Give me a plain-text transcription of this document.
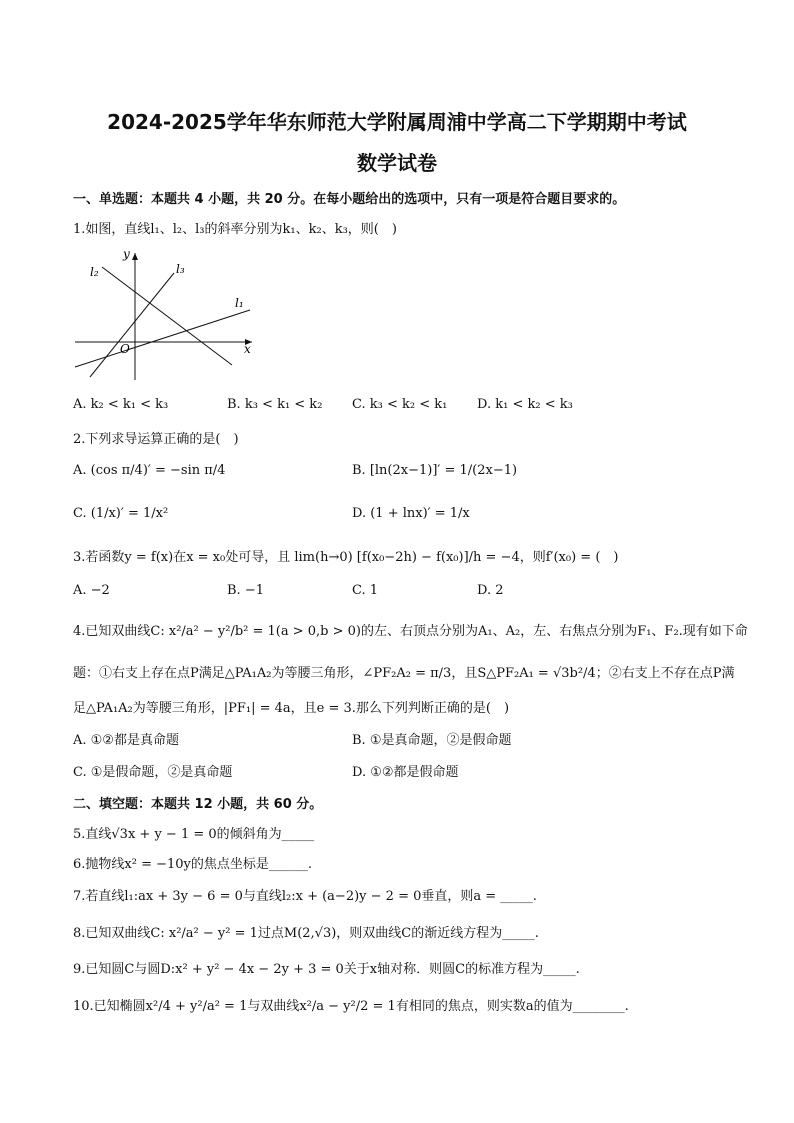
2024-2025学年华东师范大学附属周浦中学高二下学期期中考试
数学试卷
一、单选题：本题共 4 小题，共 20 分。在每小题给出的选项中，只有一项是符合题目要求的。
1.如图，直线l₁、l₂、l₃的斜率分别为k₁、k₂、k₃，则(　)
y
x
O
l₁
l₂	l₃
A. k₂ < k₁ < k₃	B. k₃ < k₁ < k₂ C. k₃ < k₂ < k₁ D. k₁ < k₂ < k₃
2.下列求导运算正确的是(　)
A. (cos π/4)′ = −sin π/4	B. [ln(2x−1)]′ = 1/(2x−1)
C. (1/x)′ = 1/x²	D. (1 + lnx)′ = 1/x
3.若函数y = f(x)在x = x₀处可导，且 lim(h→0) [f(x₀−2h) − f(x₀)]/h = −4，则f′(x₀) = (　)
A. −2	B. −1	C. 1	D. 2
4.已知双曲线C: x²/a² − y²/b² = 1(a > 0,b > 0)的左、右顶点分别为A₁、A₂，左、右焦点分别为F₁、F₂.现有如下命
题：①右支上存在点P满足△PA₁A₂为等腰三角形，∠PF₂A₂ = π/3，且S△PF₂A₁ = √3b²/4；②右支上不存在点P满
足△PA₁A₂为等腰三角形，|PF₁| = 4a，且e = 3.那么下列判断正确的是(　)
A. ①②都是真命题	B. ①是真命题，②是假命题
C. ①是假命题，②是真命题	D. ①②都是假命题
二、填空题：本题共 12 小题，共 60 分。
5.直线√3x + y − 1 = 0的倾斜角为_____
6.抛物线x² = −10y的焦点坐标是______.
7.若直线l₁:ax + 3y − 6 = 0与直线l₂:x + (a−2)y − 2 = 0垂直，则a = _____.
8.已知双曲线C: x²/a² − y² = 1过点M(2,√3)，则双曲线C的渐近线方程为_____.
9.已知圆C与圆D:x² + y² − 4x − 2y + 3 = 0关于x轴对称．则圆C的标准方程为_____.
10.已知椭圆x²/4 + y²/a² = 1与双曲线x²/a − y²/2 = 1有相同的焦点，则实数a的值为________.
